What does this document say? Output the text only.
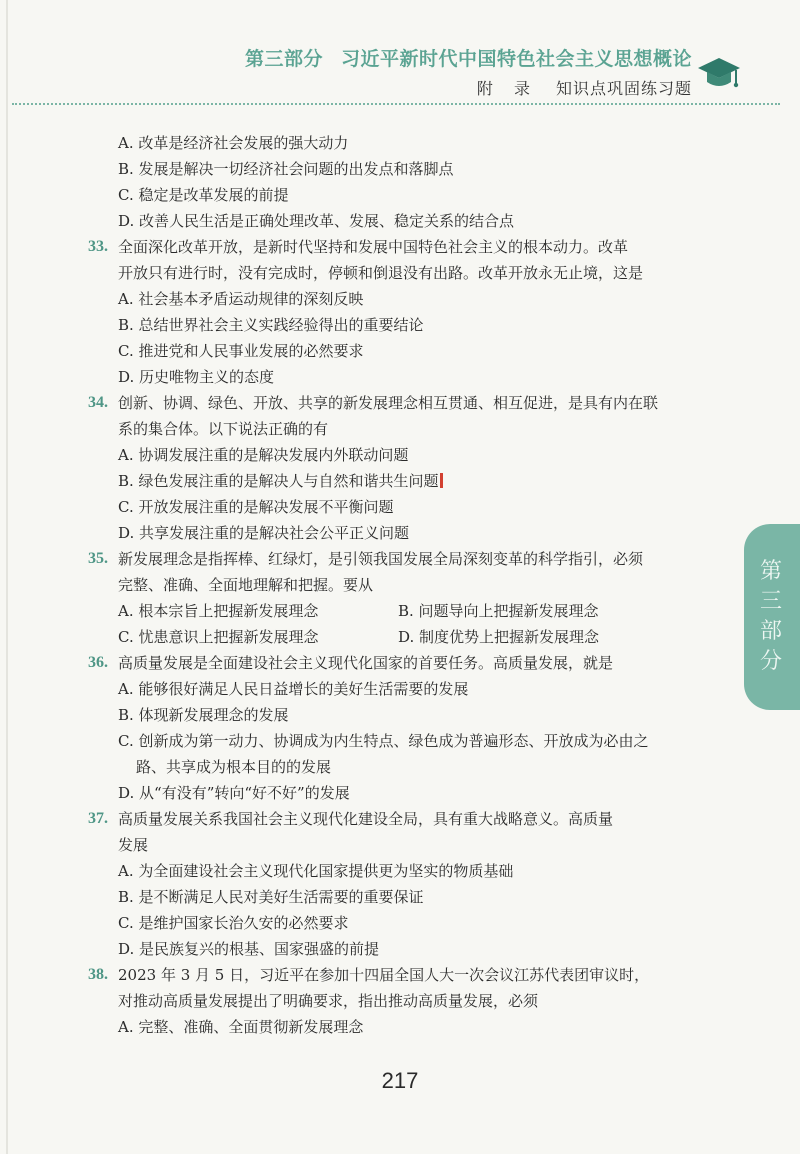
第三部分 习近平新时代中国特色社会主义思想概论
附 录 知识点巩固练习题

A. 改革是经济社会发展的强大动力

B. 发展是解决一切经济社会问题的出发点和落脚点

C. 稳定是改革发展的前提

D. 改善人民生活是正确处理改革、发展、稳定关系的结合点

33. 全面深化改革开放，是新时代坚持和发展中国特色社会主义的根本动力。改革
开放只有进行时，没有完成时，停顿和倒退没有出路。改革开放永无止境，这是

A. 社会基本矛盾运动规律的深刻反映

B. 总结世界社会主义实践经验得出的重要结论

C. 推进党和人民事业发展的必然要求

D. 历史唯物主义的态度

34. 创新、协调、绿色、开放、共享的新发展理念相互贯通、相互促进，是具有内在联
系的集合体。以下说法正确的有

A. 协调发展注重的是解决发展内外联动问题

B. 绿色发展注重的是解决人与自然和谐共生问题

C. 开放发展注重的是解决发展不平衡问题

D. 共享发展注重的是解决社会公平正义问题

35. 新发展理念是指挥棒、红绿灯，是引领我国发展全局深刻变革的科学指引，必须
完整、准确、全面地理解和把握。要从

A. 根本宗旨上把握新发展理念	B. 问题导向上把握新发展理念
C. 忧患意识上把握新发展理念	D. 制度优势上把握新发展理念

36. 高质量发展是全面建设社会主义现代化国家的首要任务。高质量发展，就是

A. 能够很好满足人民日益增长的美好生活需要的发展

B. 体现新发展理念的发展

C. 创新成为第一动力、协调成为内生特点、绿色成为普遍形态、开放成为必由之
路、共享成为根本目的的发展

D. 从“有没有”转向“好不好”的发展

37. 高质量发展关系我国社会主义现代化建设全局，具有重大战略意义。高质量
发展

A. 为全面建设社会主义现代化国家提供更为坚实的物质基础

B. 是不断满足人民对美好生活需要的重要保证

C. 是维护国家长治久安的必然要求

D. 是民族复兴的根基、国家强盛的前提

38. 2023 年 3 月 5 日，习近平在参加十四届全国人大一次会议江苏代表团审议时，
对推动高质量发展提出了明确要求，指出推动高质量发展，必须

A. 完整、准确、全面贯彻新发展理念

第
三
部
分
217
